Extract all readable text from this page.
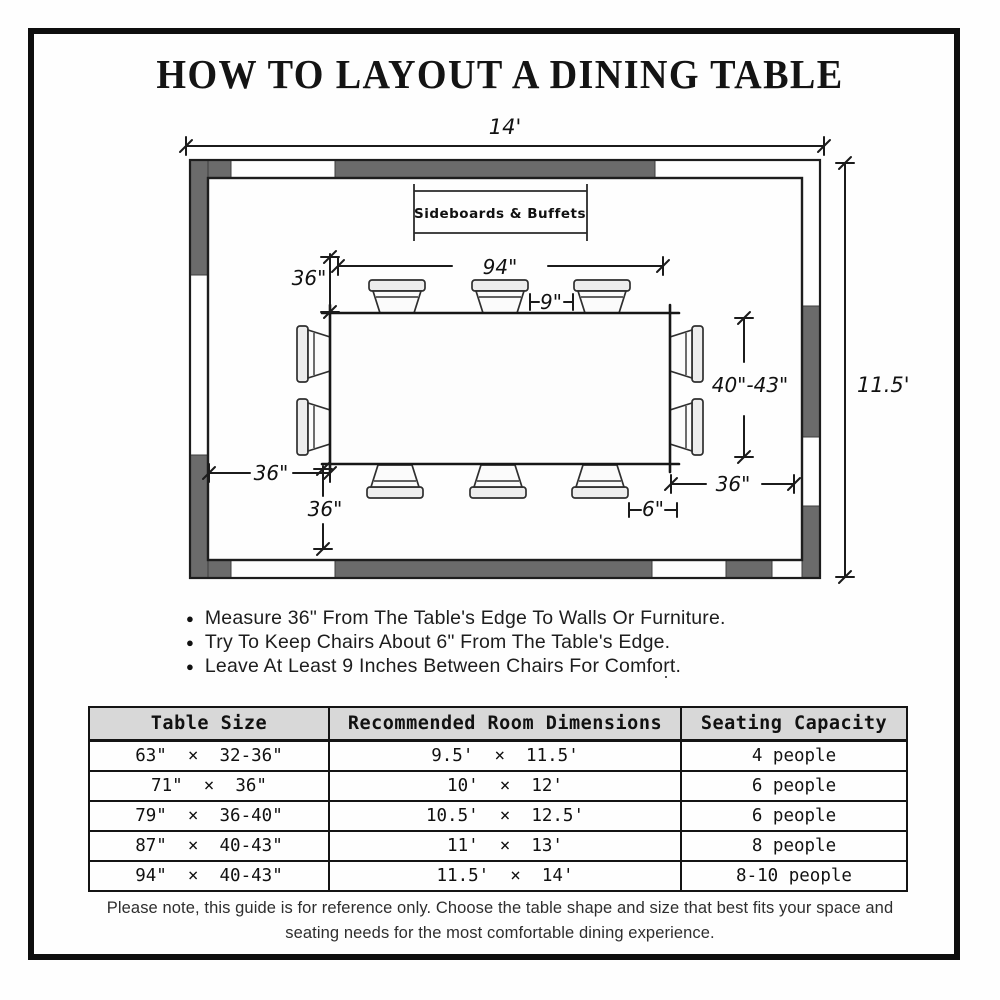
HOW TO LAYOUT A DINING TABLE
Sideboards & Buffets
14'
11.5'
94"
36"
9"
40"-43"
36"
36"
36"
6"
● Measure 36" From The Table's Edge To Walls Or Furniture.
● Try To Keep Chairs About 6" From The Table's Edge.
● Leave At Least 9 Inches Between Chairs For Comfort.
Table Size	Recommended Room Dimensions	Seating Capacity
63"  ×  32-36"	9.5'  ×  11.5'	4 people
71"  ×  36"	10'  ×  12'	6 people
79"  ×  36-40"	10.5'  ×  12.5'	6 people
87"  ×  40-43"	11'  ×  13'	8 people
94"  ×  40-43"	11.5'  ×  14'	8-10 people

Please note, this guide is for reference only. Choose the table shape and size that best fits your space and seating needs for the most comfortable dining experience.
